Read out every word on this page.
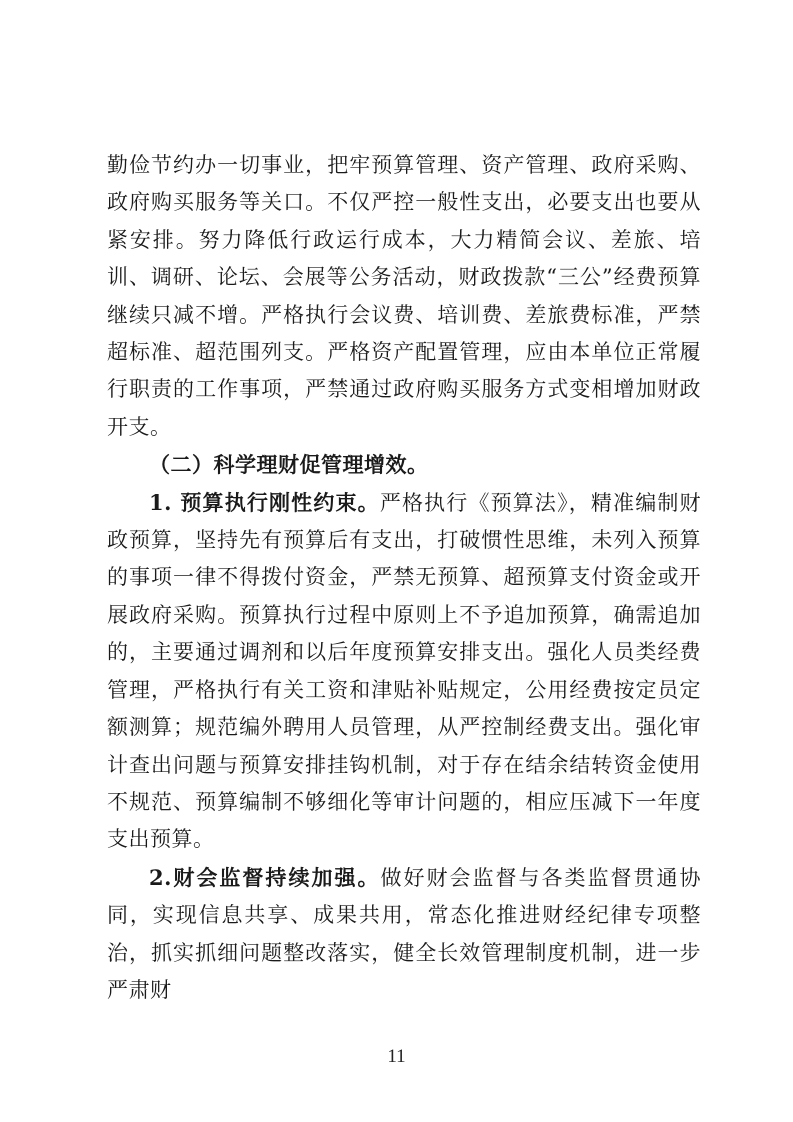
勤俭节约办一切事业，把牢预算管理、资产管理、政府采购、政府购买服务等关口。不仅严控一般性支出，必要支出也要从紧安排。努力降低行政运行成本，大力精简会议、差旅、培训、调研、论坛、会展等公务活动，财政拨款“三公”经费预算继续只减不增。严格执行会议费、培训费、差旅费标准，严禁超标准、超范围列支。严格资产配置管理，应由本单位正常履行职责的工作事项，严禁通过政府购买服务方式变相增加财政开支。

（二）科学理财促管理增效。

1. 预算执行刚性约束。严格执行《预算法》，精准编制财政预算，坚持先有预算后有支出，打破惯性思维，未列入预算的事项一律不得拨付资金，严禁无预算、超预算支付资金或开展政府采购。预算执行过程中原则上不予追加预算，确需追加的，主要通过调剂和以后年度预算安排支出。强化人员类经费管理，严格执行有关工资和津贴补贴规定，公用经费按定员定额测算；规范编外聘用人员管理，从严控制经费支出。强化审计查出问题与预算安排挂钩机制，对于存在结余结转资金使用不规范、预算编制不够细化等审计问题的，相应压减下一年度支出预算。

2.财会监督持续加强。做好财会监督与各类监督贯通协同，实现信息共享、成果共用，常态化推进财经纪律专项整治，抓实抓细问题整改落实，健全长效管理制度机制，进一步严肃财

11
